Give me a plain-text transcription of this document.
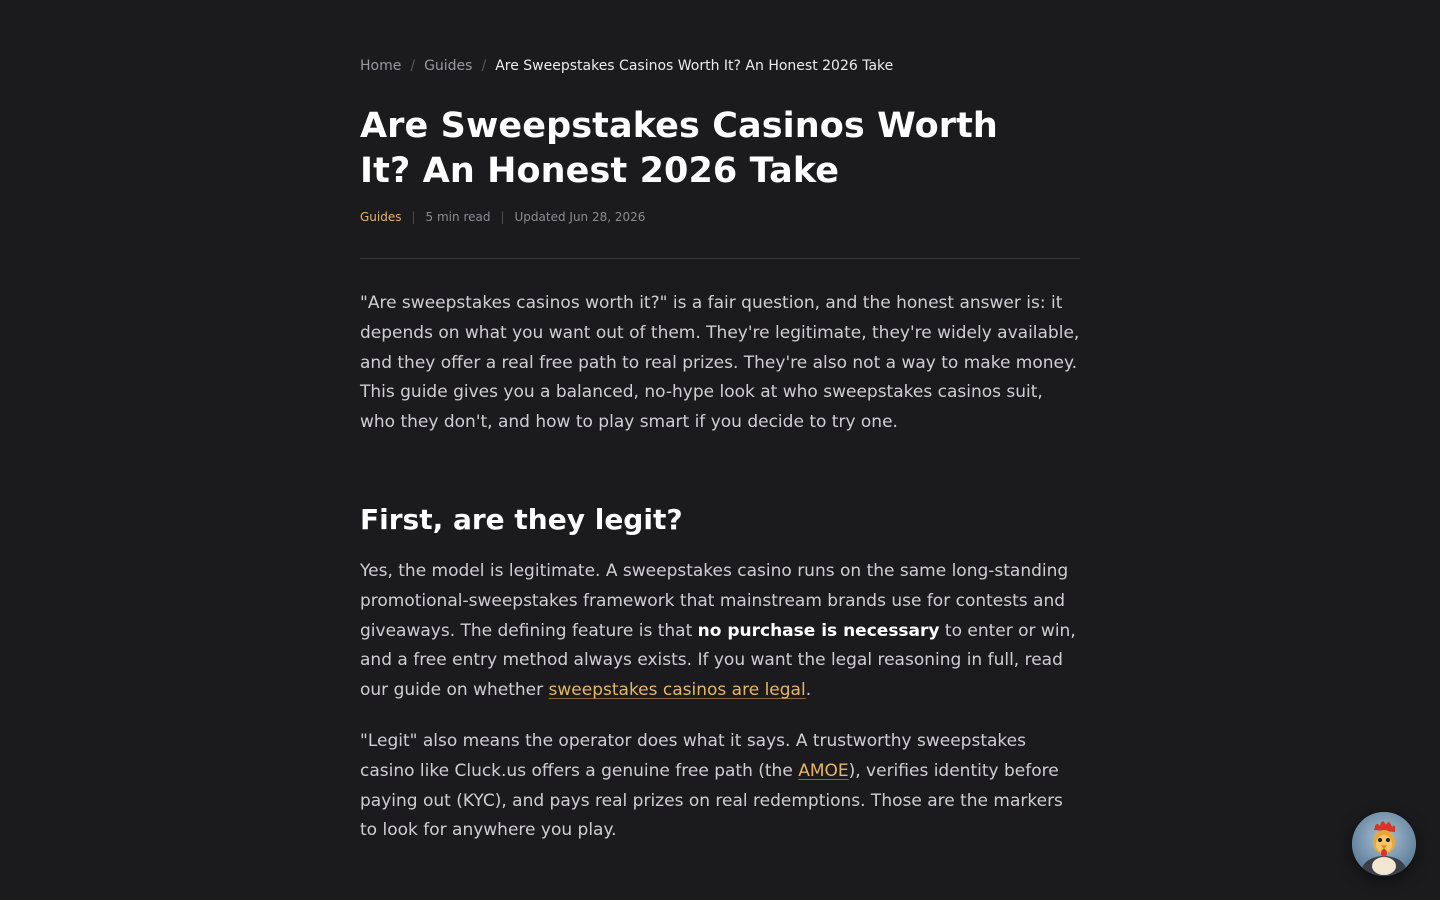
Home / Guides / Are Sweepstakes Casinos Worth It? An Honest 2026 Take
Are Sweepstakes Casinos Worth It? An Honest 2026 Take
Guides | 5 min read | Updated Jun 28, 2026

"Are sweepstakes casinos worth it?" is a fair question, and the honest answer is: it depends on what you want out of them. They're legitimate, they're widely available, and they offer a real free path to real prizes. They're also not a way to make money. This guide gives you a balanced, no-hype look at who sweepstakes casinos suit, who they don't, and how to play smart if you decide to try one.

First, are they legit?

Yes, the model is legitimate. A sweepstakes casino runs on the same long-standing promotional-sweepstakes framework that mainstream brands use for contests and giveaways. The defining feature is that no purchase is necessary to enter or win, and a free entry method always exists. If you want the legal reasoning in full, read our guide on whether sweepstakes casinos are legal.

"Legit" also means the operator does what it says. A trustworthy sweepstakes casino like Cluck.us offers a genuine free path (the AMOE), verifies identity before paying out (KYC), and pays real prizes on real redemptions. Those are the markers to look for anywhere you play.
